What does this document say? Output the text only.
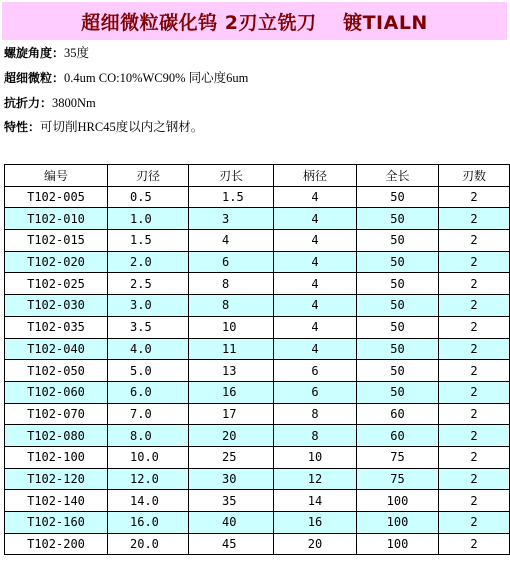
超细微粒碳化钨 2刃立铣刀　 镀TIALN
螺旋角度：35度
超细微粒：0.4um CO:10%WC90% 同心度6um
抗折力：3800Nm
特性：可切削HRC45度以内之钢材。
编号	刃径	刃长	柄径	全长	刃数
T102-005	0.5	1.5	4	50	2
T102-010	1.0	3	4	50	2
T102-015	1.5	4	4	50	2
T102-020	2.0	6	4	50	2
T102-025	2.5	8	4	50	2
T102-030	3.0	8	4	50	2
T102-035	3.5	10	4	50	2
T102-040	4.0	11	4	50	2
T102-050	5.0	13	6	50	2
T102-060	6.0	16	6	50	2
T102-070	7.0	17	8	60	2
T102-080	8.0	20	8	60	2
T102-100	10.0	25	10	75	2
T102-120	12.0	30	12	75	2
T102-140	14.0	35	14	100	2
T102-160	16.0	40	16	100	2
T102-200	20.0	45	20	100	2
